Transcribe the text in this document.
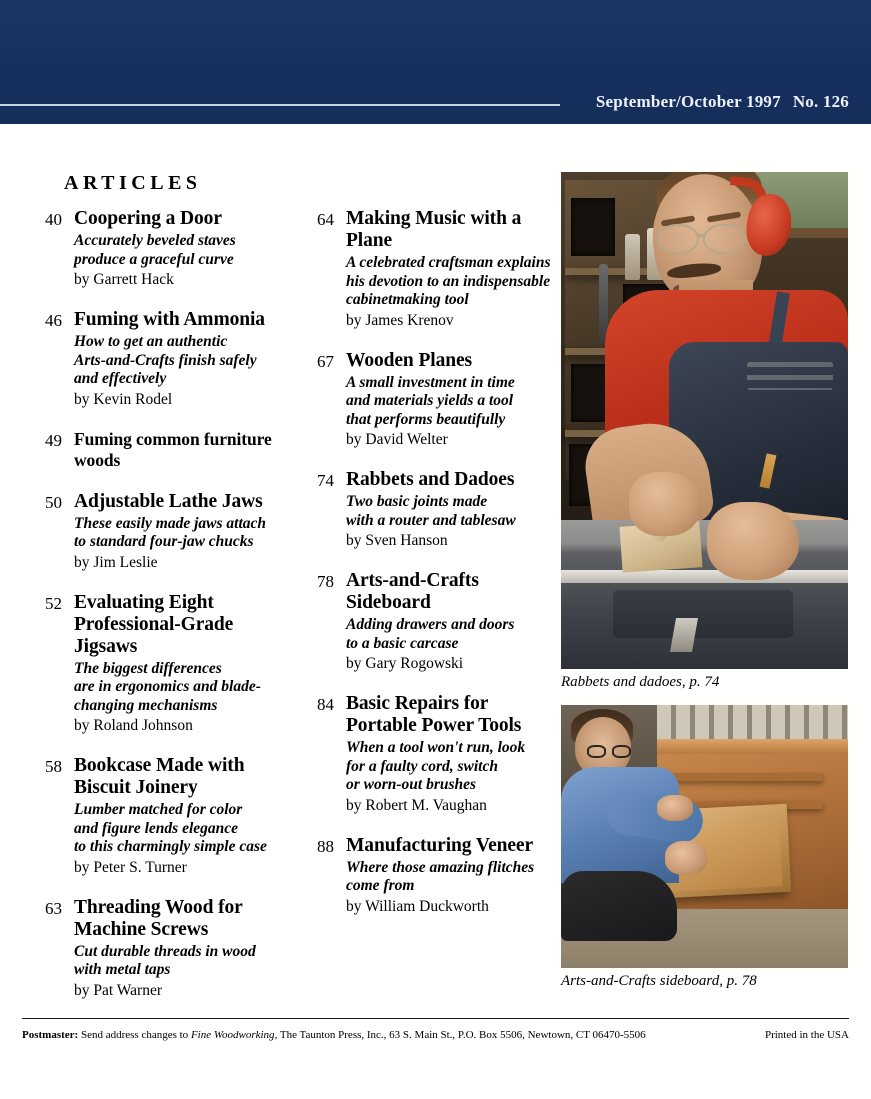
September/October 1997 No. 126
ARTICLES
40 Coopering a Door
Accurately beveled staves
produce a graceful curve
by Garrett Hack
46 Fuming with Ammonia
How to get an authentic
Arts-and-Crafts finish safely
and effectively
by Kevin Rodel
49 Fuming common furniture woods
50 Adjustable Lathe Jaws
These easily made jaws attach
to standard four-jaw chucks
by Jim Leslie
52 Evaluating Eight Professional-Grade Jigsaws
The biggest differences
are in ergonomics and blade-
changing mechanisms
by Roland Johnson
58 Bookcase Made with Biscuit Joinery
Lumber matched for color
and figure lends elegance
to this charmingly simple case
by Peter S. Turner
63 Threading Wood for Machine Screws
Cut durable threads in wood
with metal taps
by Pat Warner
64 Making Music with a Plane
A celebrated craftsman explains
his devotion to an indispensable
cabinetmaking tool
by James Krenov
67 Wooden Planes
A small investment in time
and materials yields a tool
that performs beautifully
by David Welter
74 Rabbets and Dadoes
Two basic joints made
with a router and tablesaw
by Sven Hanson
78 Arts-and-Crafts Sideboard
Adding drawers and doors
to a basic carcase
by Gary Rogowski
84 Basic Repairs for Portable Power Tools
When a tool won't run, look
for a faulty cord, switch
or worn-out brushes
by Robert M. Vaughan
88 Manufacturing Veneer
Where those amazing flitches
come from
by William Duckworth
Rabbets and dadoes, p. 74
Arts-and-Crafts sideboard, p. 78
Postmaster: Send address changes to Fine Woodworking, The Taunton Press, Inc., 63 S. Main St., P.O. Box 5506, Newtown, CT 06470-5506	Printed in the USA
